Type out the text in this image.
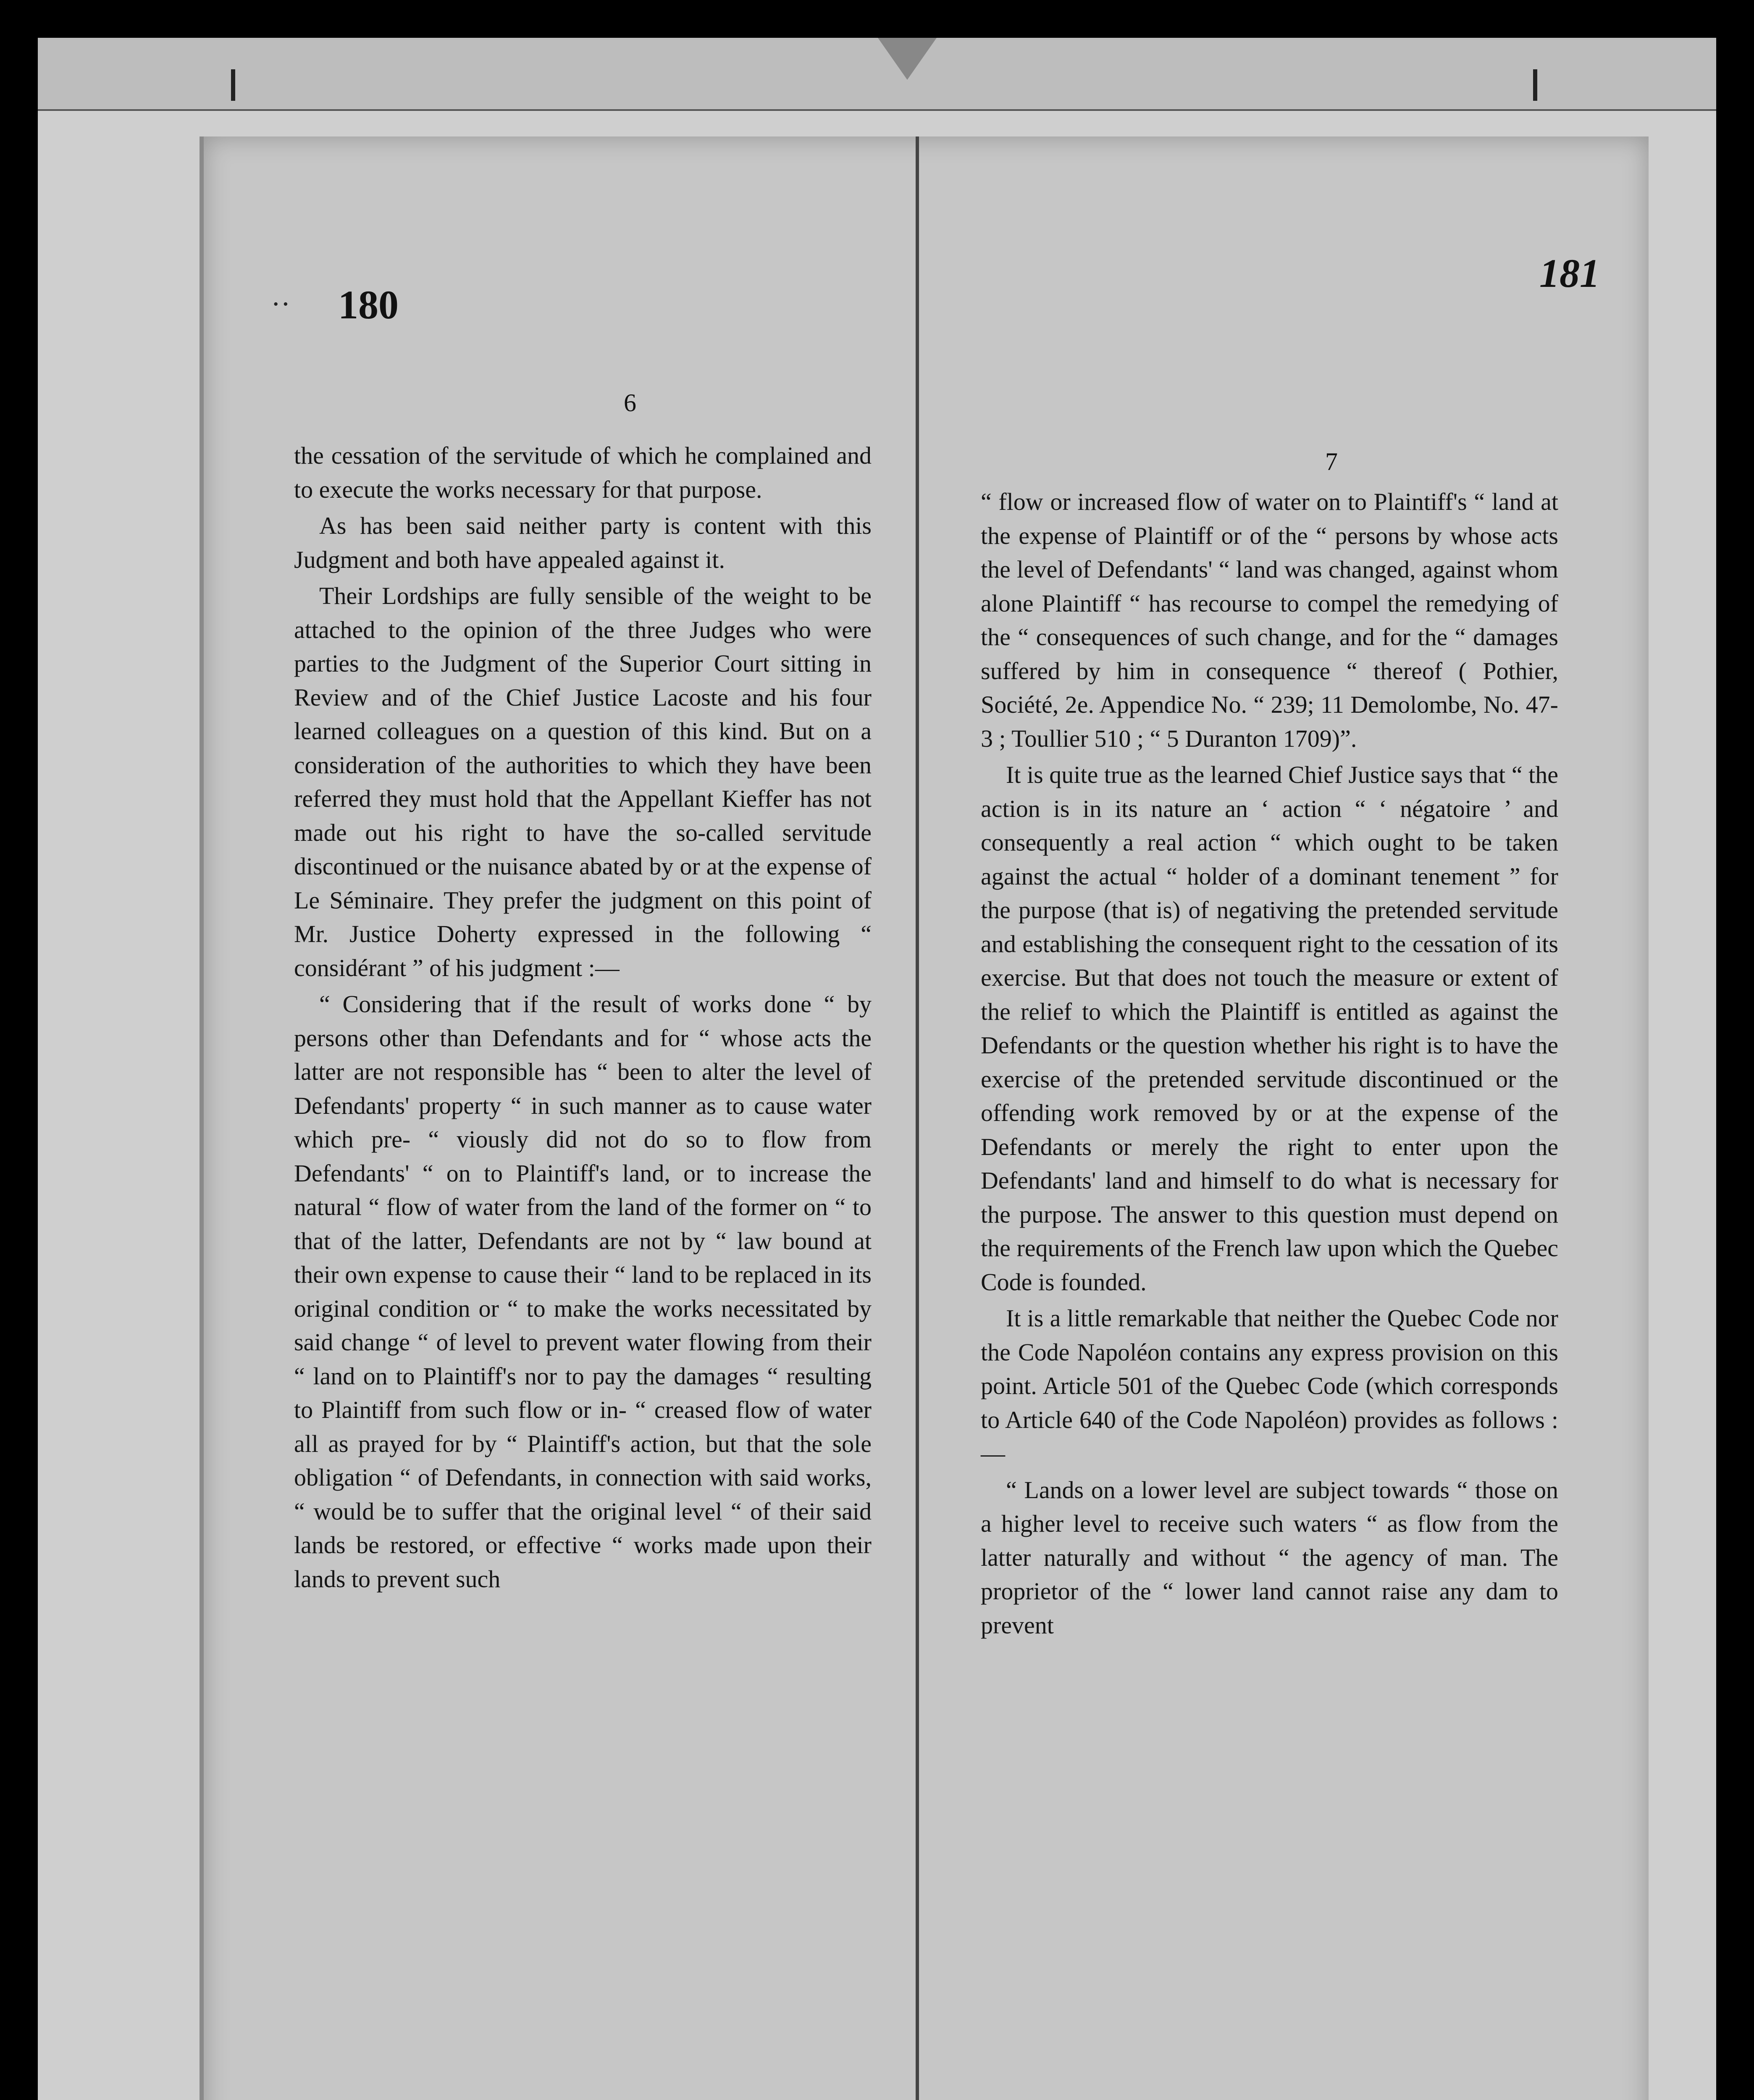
·· 180
181
6
7

the cessation of the servitude of which he complained and to execute the works necessary for that purpose.

As has been said neither party is content with this Judgment and both have appealed against it.

Their Lordships are fully sensible of the weight to be attached to the opinion of the three Judges who were parties to the Judgment of the Superior Court sitting in Review and of the Chief Justice Lacoste and his four learned colleagues on a question of this kind. But on a consideration of the authorities to which they have been referred they must hold that the Appellant Kieffer has not made out his right to have the so-called servitude discontinued or the nuisance abated by or at the expense of Le Séminaire. They prefer the judgment on this point of Mr. Justice Doherty expressed in the following “ considérant ” of his judgment :—

“ Considering that if the result of works done “ by persons other than Defendants and for “ whose acts the latter are not responsible has “ been to alter the level of Defendants' property “ in such manner as to cause water which pre- “ viously did not do so to flow from Defendants' “ on to Plaintiff's land, or to increase the natural “ flow of water from the land of the former on “ to that of the latter, Defendants are not by “ law bound at their own expense to cause their “ land to be replaced in its original condition or “ to make the works necessitated by said change “ of level to prevent water flowing from their “ land on to Plaintiff's nor to pay the damages “ resulting to Plaintiff from such flow or in- “ creased flow of water all as prayed for by “ Plaintiff's action, but that the sole obligation “ of Defendants, in connection with said works, “ would be to suffer that the original level “ of their said lands be restored, or effective “ works made upon their lands to prevent such

“ flow or increased flow of water on to Plaintiff's “ land at the expense of Plaintiff or of the “ persons by whose acts the level of Defendants' “ land was changed, against whom alone Plaintiff “ has recourse to compel the remedying of the “ consequences of such change, and for the “ damages suffered by him in consequence “ thereof ( Pothier, Société, 2e. Appendice No. “ 239; 11 Demolombe, No. 47-3 ; Toullier 510 ; “ 5 Duranton 1709)”.

It is quite true as the learned Chief Justice says that “ the action is in its nature an ‘ action “ ‘ négatoire ’ and consequently a real action “ which ought to be taken against the actual “ holder of a dominant tenement ” for the purpose (that is) of negativing the pretended servitude and establishing the consequent right to the cessation of its exercise. But that does not touch the measure or extent of the relief to which the Plaintiff is entitled as against the Defendants or the question whether his right is to have the exercise of the pretended servitude discontinued or the offending work removed by or at the expense of the Defendants or merely the right to enter upon the Defendants' land and himself to do what is necessary for the purpose. The answer to this question must depend on the requirements of the French law upon which the Quebec Code is founded.

It is a little remarkable that neither the Quebec Code nor the Code Napoléon contains any express provision on this point. Article 501 of the Quebec Code (which corresponds to Article 640 of the Code Napoléon) provides as follows :—

“ Lands on a lower level are subject towards “ those on a higher level to receive such waters “ as flow from the latter naturally and without “ the agency of man. The proprietor of the “ lower land cannot raise any dam to prevent
